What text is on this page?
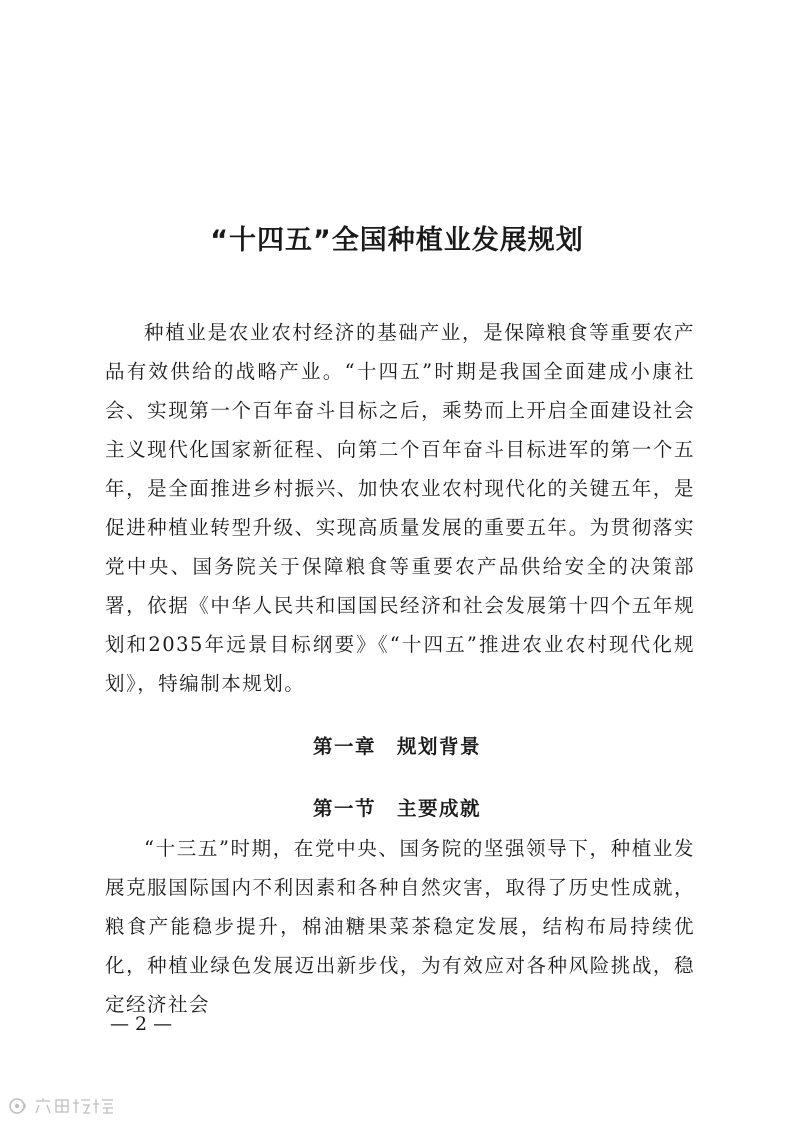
“十四五”全国种植业发展规划

种植业是农业农村经济的基础产业，是保障粮食等重要农产品有效供给的战略产业。“十四五”时期是我国全面建成小康社会、实现第一个百年奋斗目标之后，乘势而上开启全面建设社会主义现代化国家新征程、向第二个百年奋斗目标进军的第一个五年，是全面推进乡村振兴、加快农业农村现代化的关键五年，是促进种植业转型升级、实现高质量发展的重要五年。为贯彻落实党中央、国务院关于保障粮食等重要农产品供给安全的决策部署，依据《中华人民共和国国民经济和社会发展第十四个五年规划和2035年远景目标纲要》《“十四五”推进农业农村现代化规划》，特编制本规划。

第一章　规划背景
第一节　主要成就

“十三五”时期，在党中央、国务院的坚强领导下，种植业发展克服国际国内不利因素和各种自然灾害，取得了历史性成就，粮食产能稳步提升，棉油糖果菜茶稳定发展，结构布局持续优化，种植业绿色发展迈出新步伐，为有效应对各种风险挑战，稳定经济社会

— 2 —
